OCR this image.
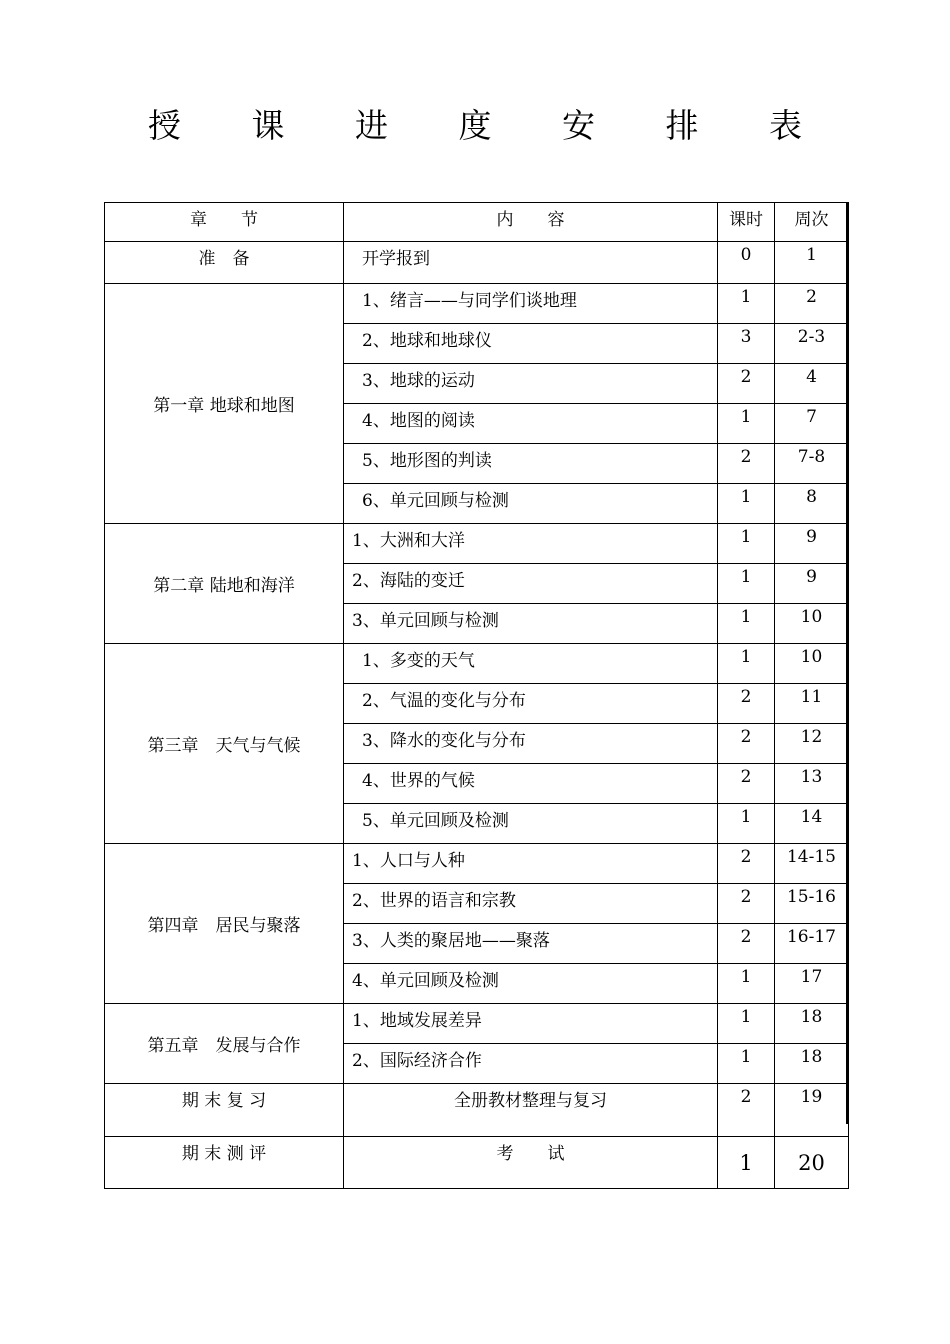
授 课 进 度 安 排 表
章　　节	内　　容	课时	周次
准　备	开学报到	0	1
第一章 地球和地图	1、绪言——与同学们谈地理	1	2
	2、地球和地球仪	3	2-3
	3、地球的运动	2	4
	4、地图的阅读	1	7
	5、地形图的判读	2	7-8
	6、单元回顾与检测	1	8
第二章 陆地和海洋	1、大洲和大洋	1	9
	2、海陆的变迁	1	9
	3、单元回顾与检测	1	10
第三章　天气与气候	1、多变的天气	1	10
	2、气温的变化与分布	2	11
	3、降水的变化与分布	2	12
	4、世界的气候	2	13
	5、单元回顾及检测	1	14
第四章　居民与聚落	1、人口与人种	2	14-15
	2、世界的语言和宗教	2	15-16
	3、人类的聚居地——聚落	2	16-17
	4、单元回顾及检测	1	17
第五章　发展与合作	1、地域发展差异	1	18
	2、国际经济合作	1	18
期 末 复 习	全册教材整理与复习	2	19
期 末 测 评	考　　试	1	20
